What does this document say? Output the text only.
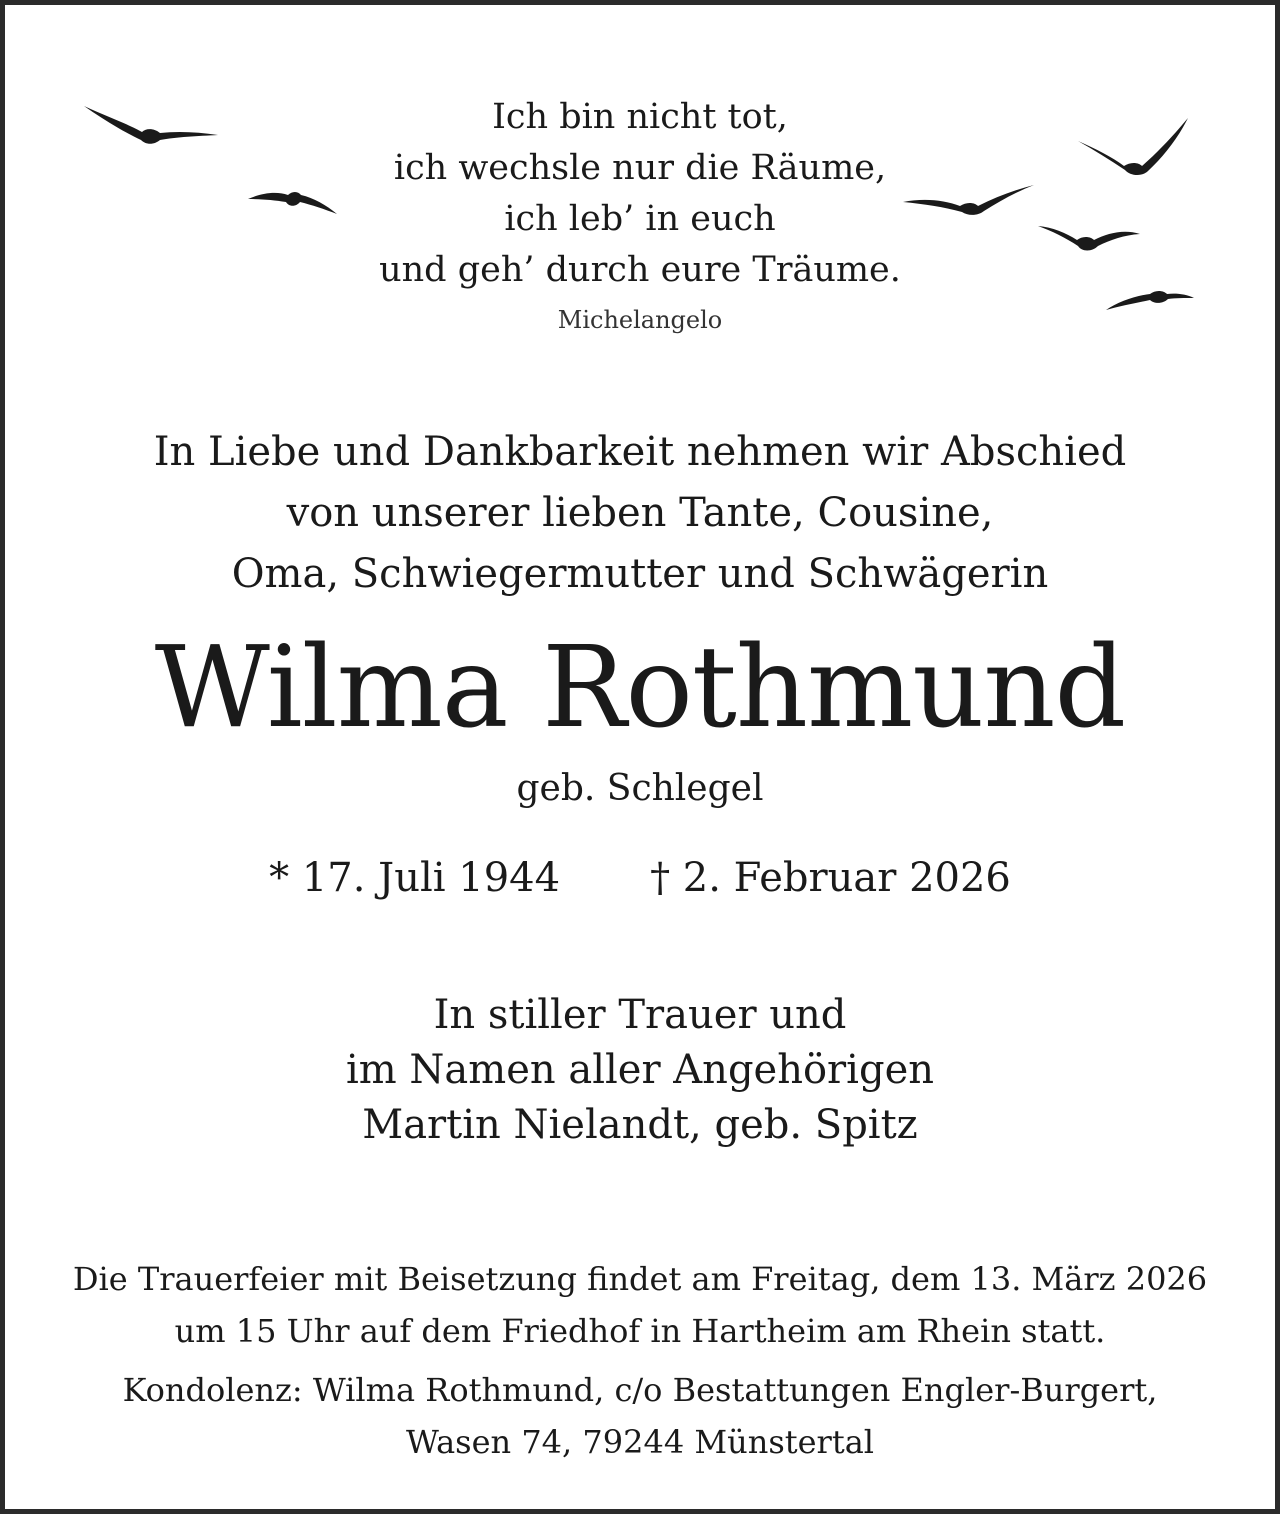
Ich bin nicht tot,
ich wechsle nur die Räume,
ich leb’ in euch
und geh’ durch eure Träume.
Michelangelo
In Liebe und Dankbarkeit nehmen wir Abschied
von unserer lieben Tante, Cousine,
Oma, Schwiegermutter und Schwägerin
Wilma Rothmund
geb. Schlegel
* 17. Juli 1944 † 2. Februar 2026
In stiller Trauer und
im Namen aller Angehörigen
Martin Nielandt, geb. Spitz
Die Trauerfeier mit Beisetzung findet am Freitag, dem 13. März 2026
um 15 Uhr auf dem Friedhof in Hartheim am Rhein statt.
Kondolenz: Wilma Rothmund, c/o Bestattungen Engler-Burgert,
Wasen 74, 79244 Münstertal
